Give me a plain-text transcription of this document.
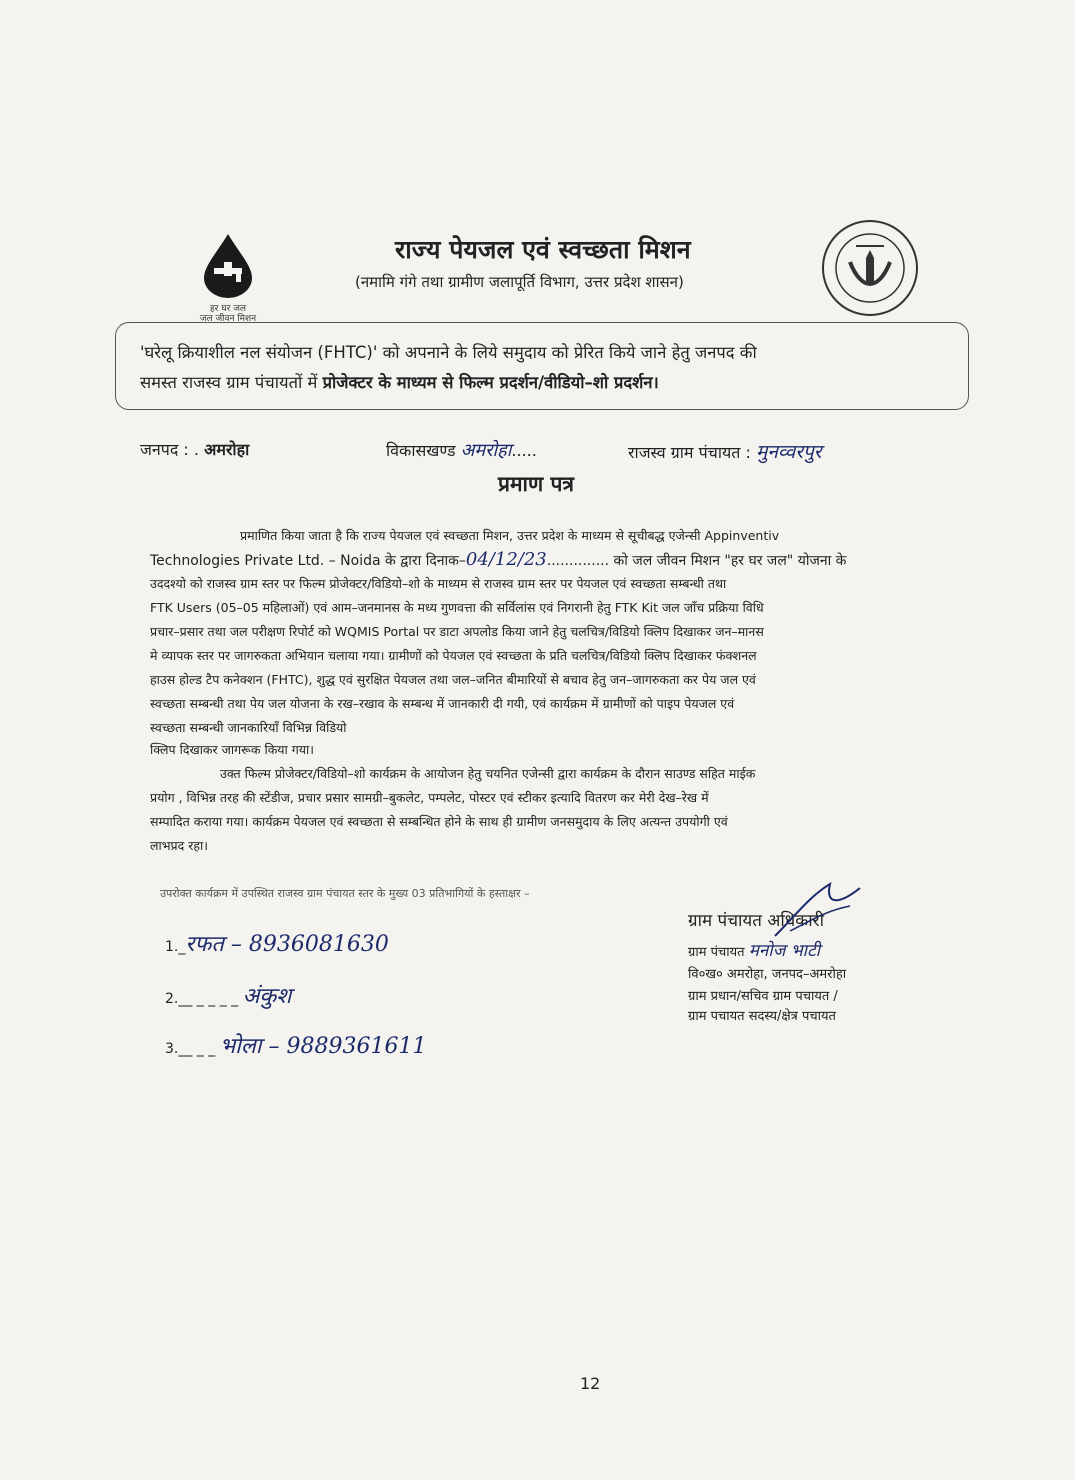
हर घर जल
जल जीवन मिशन
राज्य पेयजल एवं स्वच्छता मिशन
(नमामि गंगे तथा ग्रामीण जलापूर्ति विभाग, उत्तर प्रदेश शासन)
'घरेलू क्रियाशील नल संयोजन (FHTC)' को अपनाने के लिये समुदाय को प्रेरित किये जाने हेतु जनपद की
समस्त राजस्व ग्राम पंचायतों में प्रोजेक्टर के माध्यम से फिल्म प्रदर्शन/वीडियो–शो प्रदर्शन।
जनपद : . अमरोहा	विकासखण्ड अमरोहा.....	राजस्व ग्राम पंचायत : मुनव्वरपुर
प्रमाण पत्र
प्रमाणित किया जाता है कि राज्य पेयजल एवं स्वच्छता मिशन, उत्तर प्रदेश के माध्यम से सूचीबद्ध एजेन्सी Appinventiv
Technologies Private Ltd. – Noida के द्वारा दिनाक–04/12/23.............. को जल जीवन मिशन "हर घर जल" योजना के
उददश्यो को राजस्व ग्राम स्तर पर फिल्म प्रोजेक्टर/विडियो–शो के माध्यम से राजस्व ग्राम स्तर पर पेयजल एवं स्वच्छता सम्बन्धी तथा
FTK Users (05–05 महिलाओं) एवं आम–जनमानस के मध्य गुणवत्ता की सर्विलांस एवं निगरानी हेतु FTK Kit जल जाँच प्रक्रिया विधि
प्रचार–प्रसार तथा जल परीक्षण रिपोर्ट को WQMIS Portal पर डाटा अपलोड किया जाने हेतु चलचित्र/विडियो क्लिप दिखाकर जन–मानस
मे व्यापक स्तर पर जागरुकता अभियान चलाया गया। ग्रामीणों को पेयजल एवं स्वच्छता के प्रति चलचित्र/विडियो क्लिप दिखाकर फंक्शनल
हाउस होल्ड टैप कनेक्शन (FHTC), शुद्ध एवं सुरक्षित पेयजल तथा जल–जनित बीमारियों से बचाव हेतु जन–जागरुकता कर पेय जल एवं
स्वच्छता सम्बन्धी तथा पेय जल योजना के रख–रखाव के सम्बन्ध में जानकारी दी गयी, एवं कार्यक्रम में ग्रामीणों को पाइप पेयजल एवं
स्वच्छता सम्बन्धी जानकारियाँ विभिन्न विडियो
क्लिप दिखाकर जागरूक किया गया।
उक्त फिल्म प्रोजेक्टर/विडियो–शो कार्यक्रम के आयोजन हेतु चयनित एजेन्सी द्वारा कार्यक्रम के दौरान साउण्ड सहित माईक
प्रयोग , विभिन्न तरह की स्टेंडीज, प्रचार प्रसार सामग्री–बुकलेट, पम्पलेट, पोस्टर एवं स्टीकर इत्यादि वितरण कर मेरी देख–रेख में
सम्पादित कराया गया। कार्यक्रम पेयजल एवं स्वच्छता से सम्बन्धित होने के साथ ही ग्रामीण जनसमुदाय के लिए अत्यन्त उपयोगी एवं
लाभप्रद रहा।
उपरोक्त कार्यक्रम में उपस्थित राजस्व ग्राम पंचायत स्तर के मुख्य 03 प्रतिभागियों के हस्ताक्षर –
1._रफत – 8936081630
2.__ _ _ _ _ अंकुश
3.__ _ _ भोला – 9889361611
ग्राम पंचायत अधिकारी
ग्राम पंचायत मनोज भाटी
वि०ख० अमरोहा, जनपद–अमरोहा
ग्राम प्रधान/सचिव ग्राम पचायत /
ग्राम पचायत सदस्य/क्षेत्र पचायत
12
